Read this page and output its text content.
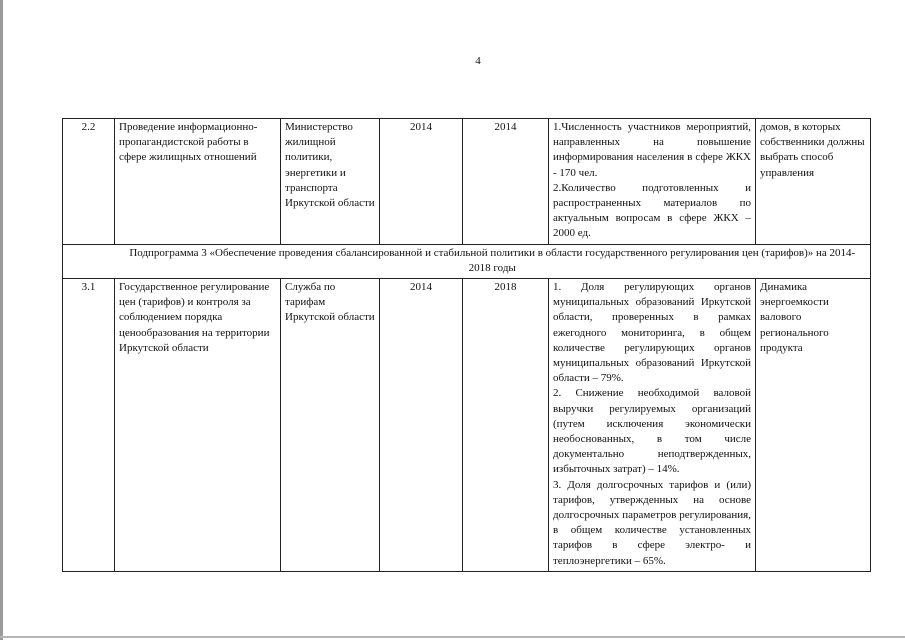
4
2.2	Проведение информационно-пропагандистской работы в сфере жилищных отношений	Министерство жилищной политики, энергетики и транспорта Иркутской области	2014	2014	1.Численность участников мероприятий, направленных на повышение информирования населения в сфере ЖКХ - 170 чел.
2.Количество подготовленных и распространенных материалов по актуальным вопросам в сфере ЖКХ – 2000 ед.	домов, в которых собственники должны выбрать способ управления
	Подпрограмма 3 «Обеспечение проведения сбалансированной и стабильной политики в области государственного регулирования цен (тарифов)» на 2014-2018 годы					
3.1	Государственное регулирование цен (тарифов) и контроля за соблюдением порядка ценообразования на территории Иркутской области	Служба по тарифам Иркутской области	2014	2018	1. Доля регулирующих органов муниципальных образований Иркутской области, проверенных в рамках ежегодного мониторинга, в общем количестве регулирующих органов муниципальных образований Иркутской области – 79%.
2. Снижение необходимой валовой выручки регулируемых организаций (путем исключения экономически необоснованных, в том числе документально неподтвержденных, избыточных затрат) – 14%.
3. Доля долгосрочных тарифов и (или) тарифов, утвержденных на основе долгосрочных параметров регулирования, в общем количестве установленных тарифов в сфере электро- и теплоэнергетики – 65%.	Динамика энергоемкости валового регионального продукта
